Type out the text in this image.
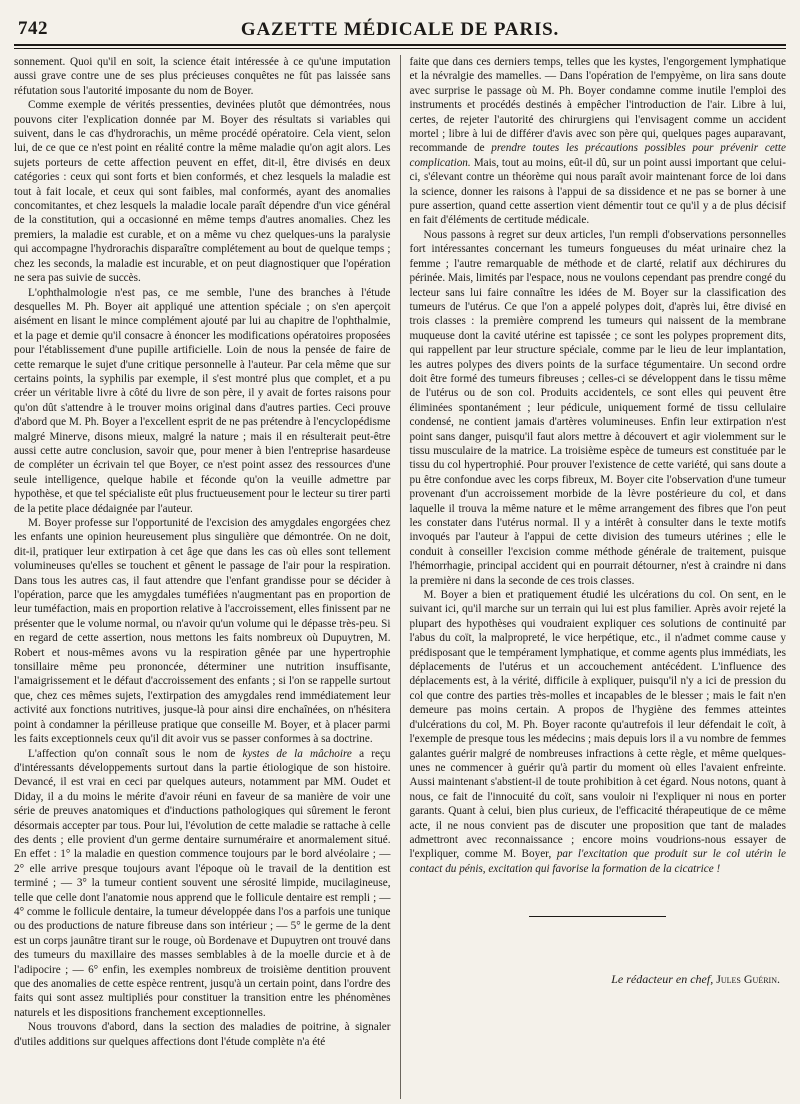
742	GAZETTE MÉDICALE DE PARIS.

sonnement. Quoi qu'il en soit, la science était intéressée à ce qu'une imputation aussi grave contre une de ses plus précieuses conquêtes ne fût pas laissée sans réfutation sous l'autorité imposante du nom de Boyer.

Comme exemple de vérités pressenties, devinées plutôt que démontrées, nous pouvons citer l'explication donnée par M. Boyer des résultats si variables qui suivent, dans le cas d'hydrorachis, un même procédé opératoire. Cela vient, selon lui, de ce que ce n'est point en réalité contre la même maladie qu'on agit alors. Les sujets porteurs de cette affection peuvent en effet, dit-il, être divisés en deux catégories : ceux qui sont forts et bien conformés, et chez lesquels la maladie est tout à fait locale, et ceux qui sont faibles, mal conformés, ayant des anomalies concomitantes, et chez lesquels la maladie locale paraît dépendre d'un vice général de la constitution, qui a occasionné en même temps d'autres anomalies. Chez les premiers, la maladie est curable, et on a même vu chez quelques-uns la paralysie qui accompagne l'hydrorachis disparaître complétement au bout de quelque temps ; chez les seconds, la maladie est incurable, et on peut diagnostiquer que l'opération ne sera pas suivie de succès.

L'ophthalmologie n'est pas, ce me semble, l'une des branches à l'étude desquelles M. Ph. Boyer ait appliqué une attention spéciale ; on s'en aperçoit aisément en lisant le mince complément ajouté par lui au chapitre de l'ophthalmie, et la page et demie qu'il consacre à énoncer les modifications opératoires proposées pour l'établissement d'une pupille artificielle. Loin de nous la pensée de faire de cette remarque le sujet d'une critique personnelle à l'auteur. Par cela même que sur certains points, la syphilis par exemple, il s'est montré plus que complet, et a pu créer un véritable livre à côté du livre de son père, il y avait de fortes raisons pour qu'on dût s'attendre à le trouver moins original dans d'autres parties. Ceci prouve d'abord que M. Ph. Boyer a l'excellent esprit de ne pas prétendre à l'encyclopédisme malgré Minerve, disons mieux, malgré la nature ; mais il en résulterait peut-être aussi cette autre conclusion, savoir que, pour mener à bien l'entreprise hasardeuse de compléter un écrivain tel que Boyer, ce n'est point assez des ressources d'une seule intelligence, quelque habile et féconde qu'on la veuille admettre par hypothèse, et que tel spécialiste eût plus fructueusement pour le lecteur su tirer parti de la petite place dédaignée par l'auteur.

M. Boyer professe sur l'opportunité de l'excision des amygdales engorgées chez les enfants une opinion heureusement plus singulière que démontrée. On ne doit, dit-il, pratiquer leur extirpation à cet âge que dans les cas où elles sont tellement volumineuses qu'elles se touchent et gênent le passage de l'air pour la respiration. Dans tous les autres cas, il faut attendre que l'enfant grandisse pour se décider à l'opération, parce que les amygdales tuméfiées n'augmentant pas en proportion de leur tuméfaction, mais en proportion relative à l'accroissement, elles finissent par ne présenter que le volume normal, ou n'avoir qu'un volume qui le dépasse très-peu. Si en regard de cette assertion, nous mettons les faits nombreux où Dupuytren, M. Robert et nous-mêmes avons vu la respiration gênée par une hypertrophie tonsillaire même peu prononcée, déterminer une nutrition insuffisante, l'amaigrissement et le défaut d'accroissement des enfants ; si l'on se rappelle surtout que, chez ces mêmes sujets, l'extirpation des amygdales rend immédiatement leur activité aux fonctions nutritives, jusque-là pour ainsi dire enchaînées, on n'hésitera point à condamner la périlleuse pratique que conseille M. Boyer, et à placer parmi les faits exceptionnels ceux qu'il dit avoir vus se passer conformes à sa doctrine.

L'affection qu'on connaît sous le nom de kystes de la mâchoire a reçu d'intéressants développements surtout dans la partie étiologique de son histoire. Devancé, il est vrai en ceci par quelques auteurs, notamment par MM. Oudet et Diday, il a du moins le mérite d'avoir réuni en faveur de sa manière de voir une série de preuves anatomiques et d'inductions pathologiques qui sûrement le feront désormais accepter par tous. Pour lui, l'évolution de cette maladie se rattache à celle des dents ; elle provient d'un germe dentaire surnuméraire et anormalement situé. En effet : 1° la maladie en question commence toujours par le bord alvéolaire ; — 2° elle arrive presque toujours avant l'époque où le travail de la dentition est terminé ; — 3° la tumeur contient souvent une sérosité limpide, mucilagineuse, telle que celle dont l'anatomie nous apprend que le follicule dentaire est rempli ; — 4° comme le follicule dentaire, la tumeur développée dans l'os a parfois une tunique ou des productions de nature fibreuse dans son intérieur ; — 5° le germe de la dent est un corps jaunâtre tirant sur le rouge, où Bordenave et Dupuytren ont trouvé dans des tumeurs du maxillaire des masses semblables à de la moelle durcie et à de l'adipocire ; — 6° enfin, les exemples nombreux de troisième dentition prouvent que des anomalies de cette espèce rentrent, jusqu'à un certain point, dans l'ordre des faits qui sont assez multipliés pour constituer la transition entre les phénomènes naturels et les dispositions franchement exceptionnelles.

Nous trouvons d'abord, dans la section des maladies de poitrine, à signaler d'utiles additions sur quelques affections dont l'étude complète n'a été

faite que dans ces derniers temps, telles que les kystes, l'engorgement lymphatique et la névralgie des mamelles. — Dans l'opération de l'empyème, on lira sans doute avec surprise le passage où M. Ph. Boyer condamne comme inutile l'emploi des instruments et procédés destinés à empêcher l'introduction de l'air. Libre à lui, certes, de rejeter l'autorité des chirurgiens qui l'envisagent comme un accident mortel ; libre à lui de différer d'avis avec son père qui, quelques pages auparavant, recommande de prendre toutes les précautions possibles pour prévenir cette complication. Mais, tout au moins, eût-il dû, sur un point aussi important que celui-ci, s'élevant contre un théorème qui nous paraît avoir maintenant force de loi dans la science, donner les raisons à l'appui de sa dissidence et ne pas se borner à une pure assertion, quand cette assertion vient démentir tout ce qu'il y a de plus décisif en fait d'éléments de certitude médicale.

Nous passons à regret sur deux articles, l'un rempli d'observations personnelles fort intéressantes concernant les tumeurs fongueuses du méat urinaire chez la femme ; l'autre remarquable de méthode et de clarté, relatif aux déchirures du périnée. Mais, limités par l'espace, nous ne voulons cependant pas prendre congé du lecteur sans lui faire connaître les idées de M. Boyer sur la classification des tumeurs de l'utérus. Ce que l'on a appelé polypes doit, d'après lui, être divisé en trois classes : la première comprend les tumeurs qui naissent de la membrane muqueuse dont la cavité utérine est tapissée ; ce sont les polypes proprement dits, qui rappellent par leur structure spéciale, comme par le lieu de leur implantation, les autres polypes des divers points de la surface tégumentaire. Un second ordre doit être formé des tumeurs fibreuses ; celles-ci se développent dans le tissu même de l'utérus ou de son col. Produits accidentels, ce sont elles qui peuvent être éliminées spontanément ; leur pédicule, uniquement formé de tissu cellulaire condensé, ne contient jamais d'artères volumineuses. Enfin leur extirpation n'est point sans danger, puisqu'il faut alors mettre à découvert et agir violemment sur le tissu musculaire de la matrice. La troisième espèce de tumeurs est constituée par le tissu du col hypertrophié. Pour prouver l'existence de cette variété, qui sans doute a pu être confondue avec les corps fibreux, M. Boyer cite l'observation d'une tumeur provenant d'un accroissement morbide de la lèvre postérieure du col, et dans laquelle il trouva la même nature et le même arrangement des fibres que l'on peut les constater dans l'utérus normal. Il y a intérêt à consulter dans le texte motifs invoqués par l'auteur à l'appui de cette division des tumeurs utérines ; elle le conduit à conseiller l'excision comme méthode générale de traitement, puisque l'hémorrhagie, principal accident qui en pourrait détourner, n'est à craindre ni dans la première ni dans la seconde de ces trois classes.

M. Boyer a bien et pratiquement étudié les ulcérations du col. On sent, en le suivant ici, qu'il marche sur un terrain qui lui est plus familier. Après avoir rejeté la plupart des hypothèses qui voudraient expliquer ces solutions de continuité par l'abus du coït, la malpropreté, le vice herpétique, etc., il n'admet comme cause y prédisposant que le tempérament lymphatique, et comme agents plus immédiats, les déplacements de l'utérus et un accouchement antécédent. L'influence des déplacements est, à la vérité, difficile à expliquer, puisqu'il n'y a ici de pression du col que contre des parties très-molles et incapables de le blesser ; mais le fait n'en demeure pas moins certain. A propos de l'hygiène des femmes atteintes d'ulcérations du col, M. Ph. Boyer raconte qu'autrefois il leur défendait le coït, à l'exemple de presque tous les médecins ; mais depuis lors il a vu nombre de femmes galantes guérir malgré de nombreuses infractions à cette règle, et même quelques-unes ne commencer à guérir qu'à partir du moment où elles l'avaient enfreinte. Aussi maintenant s'abstient-il de toute prohibition à cet égard. Nous notons, quant à nous, ce fait de l'innocuité du coït, sans vouloir ni l'expliquer ni nous en porter garants. Quant à celui, bien plus curieux, de l'efficacité thérapeutique de ce même acte, il ne nous convient pas de discuter une proposition que tant de malades admettront avec reconnaissance ; encore moins voudrions-nous essayer de l'expliquer, comme M. Boyer, par l'excitation que produit sur le col utérin le contact du pénis, excitation qui favorise la formation de la cicatrice !

Le rédacteur en chef, Jules Guérin.
